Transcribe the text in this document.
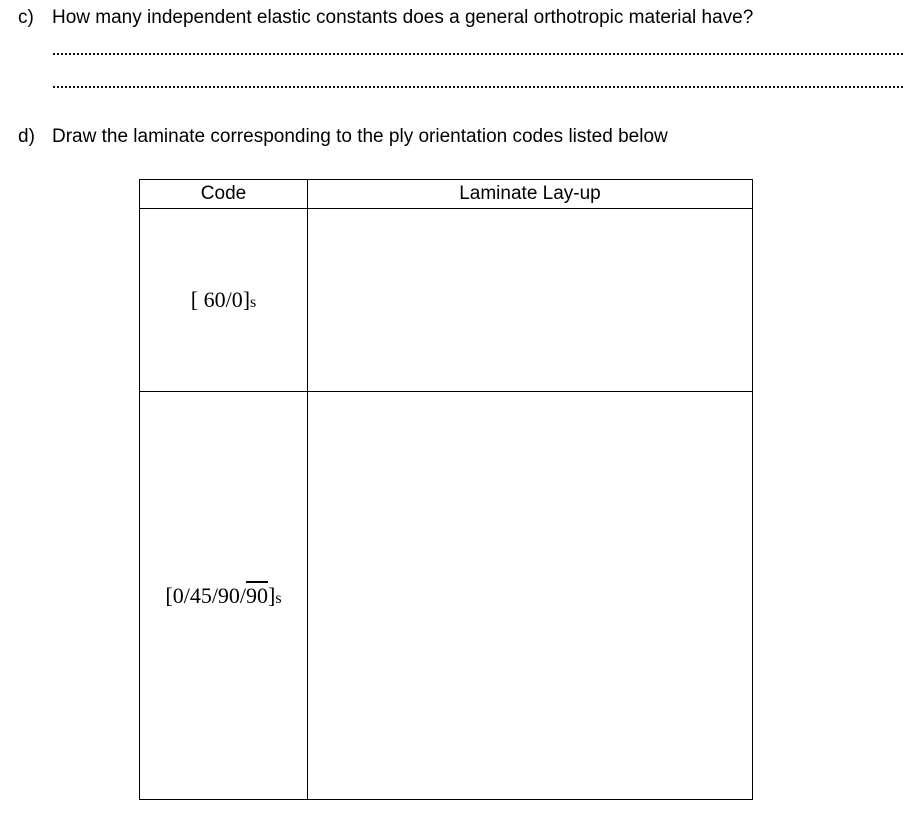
c) How many independent elastic constants does a general orthotropic material have?
d) Draw the laminate corresponding to the ply orientation codes listed below
Code	Laminate Lay-up
[ 60/0]s	
[0/45/90/90]s	
